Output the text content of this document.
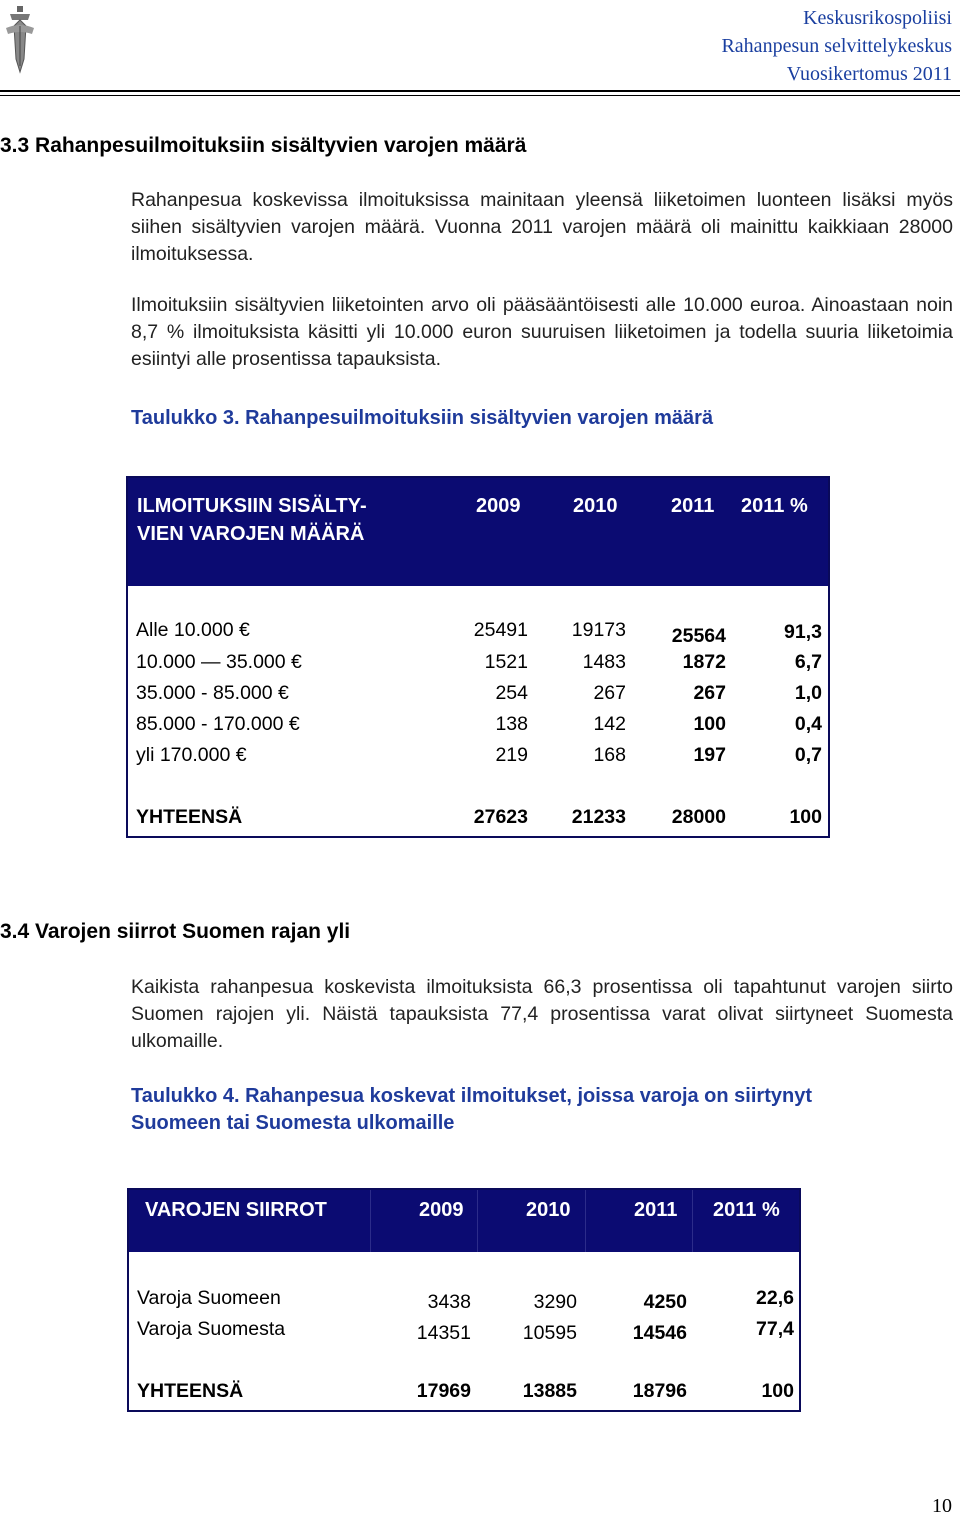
Keskusrikospoliisi
Rahanpesun selvittelykeskus
Vuosikertomus 2011
3.3 Rahanpesuilmoituksiin sisältyvien varojen määrä
Rahanpesua koskevissa ilmoituksissa mainitaan yleensä liiketoimen luonteen lisäksi myös siihen sisältyvien varojen määrä. Vuonna 2011 varojen määrä oli mainittu kaikkiaan 28000 ilmoituksessa.
Ilmoituksiin sisältyvien liiketointen arvo oli pääsääntöisesti alle 10.000 euroa. Ainoastaan noin 8,7 % ilmoituksista käsitti yli 10.000 euron suuruisen liiketoimen ja todella suuria liiketoimia esiintyi alle prosentissa tapauksista.
Taulukko 3. Rahanpesuilmoituksiin sisältyvien varojen määrä
ILMOITUKSIIN SISÄLTY-
VIEN VAROJEN MÄÄRÄ
2009	2010	2011 2011 %
Alle 10.000 €	25491	19173	25564	91,3
10.000 — 35.000 €	1521	1483	1872	6,7
35.000 - 85.000 €	254	267	267	1,0
85.000 - 170.000 €	138	142	100	0,4
yli 170.000 €	219	168	197	0,7
YHTEENSÄ	27623	21233	28000	100
3.4 Varojen siirrot Suomen rajan yli
Kaikista rahanpesua koskevista ilmoituksista 66,3 prosentissa oli tapahtunut varojen siirto Suomen rajojen yli. Näistä tapauksista 77,4 prosentissa varat olivat siirtyneet Suomesta ulkomaille.
Taulukko 4. Rahanpesua koskevat ilmoitukset, joissa varoja on siirtynyt
Suomeen tai Suomesta ulkomaille
VAROJEN SIIRROT	2009	2010	2011 2011 %
Varoja Suomeen	3438	3290	4250	22,6
Varoja Suomesta	14351	10595	14546	77,4
YHTEENSÄ	17969	13885	18796	100
10
